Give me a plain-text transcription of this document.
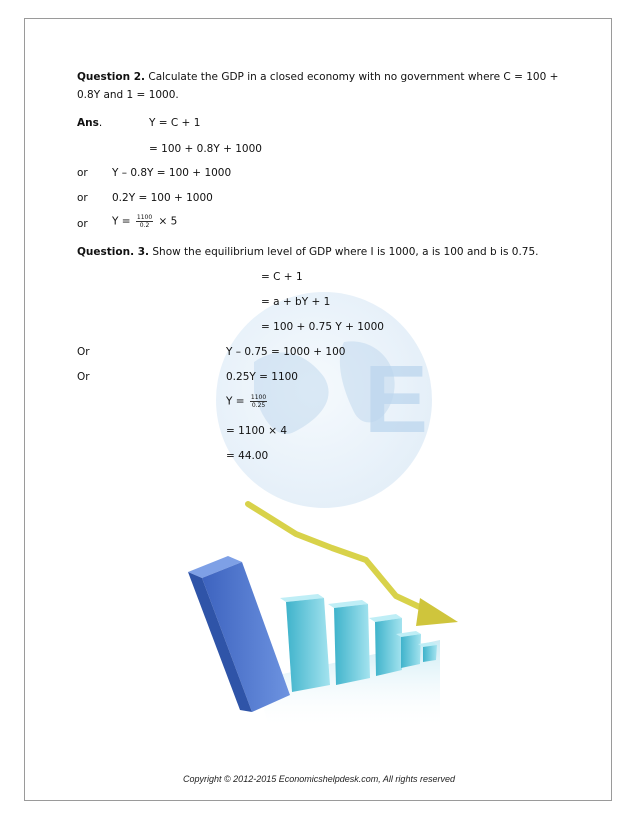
E
Question 2. Calculate the GDP in a closed economy with no government where C = 100 +
0.8Y and 1 = 1000.
Ans.	Y = C + 1
= 100 + 0.8Y + 1000
or Y – 0.8Y = 100 + 1000
or 0.2Y = 100 + 1000
or $Y = \frac{1100}{0.2} \times 5$
Question. 3. Show the equilibrium level of GDP where I is 1000, a is 100 and b is 0.75.
= C + 1
= a + bY + 1
= 100 + 0.75 Y + 1000
Or	Y – 0.75 = 1000 + 100
Or	0.25Y = 1100
$Y = \frac{1100}{0.25}$
= 1100 × 4
= 44.00
Copyright © 2012-2015 Economicshelpdesk.com, All rights reserved
